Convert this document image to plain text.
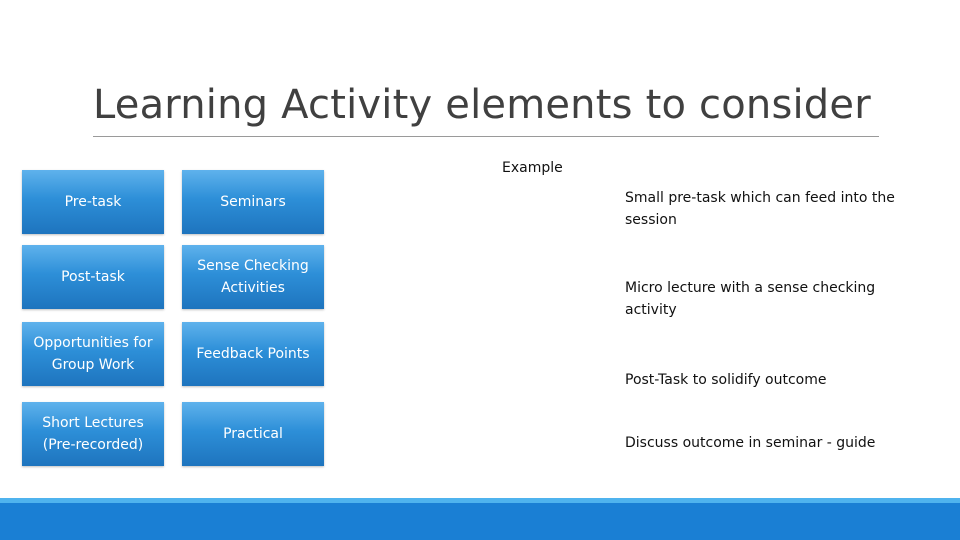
Learning Activity elements to consider
Example
Pre-task
Post-task
Opportunities for Group Work
Short Lectures (Pre-recorded)
Seminars
Sense Checking Activities
Feedback Points
Practical
Small pre-task which can feed into the session
Micro lecture with a sense checking activity
Post-Task to solidify outcome
Discuss outcome in seminar - guide
